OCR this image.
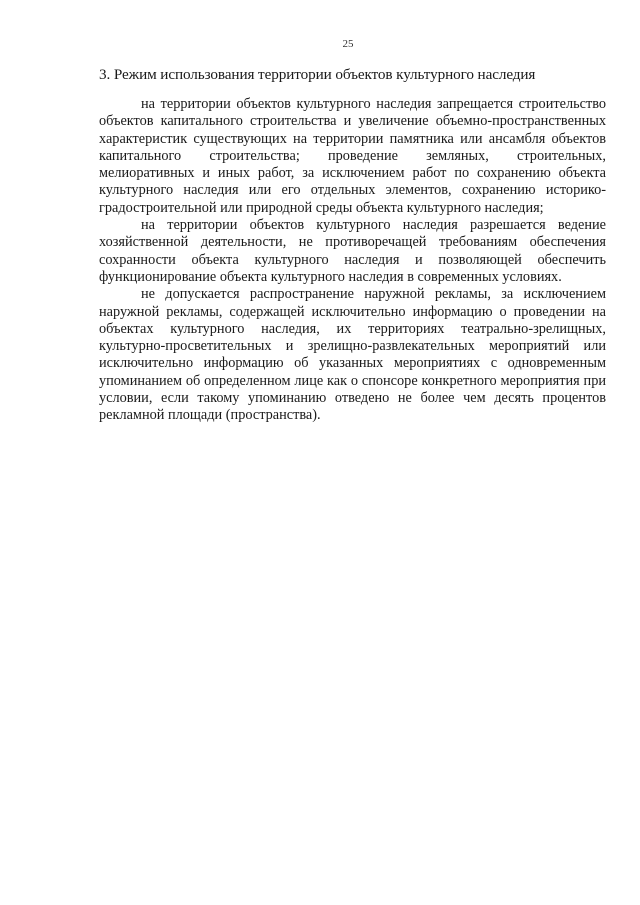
25
3. Режим использования территории объектов культурного наследия

на территории объектов культурного наследия запрещается строительство объектов капитального строительства и увеличение объемно-пространственных характеристик существующих на территории памятника или ансамбля объектов капитального строительства; проведение земляных, строительных, мелиоративных и иных работ, за исключением работ по сохранению объекта культурного наследия или его отдельных элементов, сохранению историко-градостроительной или природной среды объекта культурного наследия;

на территории объектов культурного наследия разрешается ведение хозяйственной деятельности, не противоречащей требованиям обеспечения сохранности объекта культурного наследия и позволяющей обеспечить функционирование объекта культурного наследия в современных условиях.

не допускается распространение наружной рекламы, за исключением наружной рекламы, содержащей исключительно информацию о проведении на объектах культурного наследия, их территориях театрально-зрелищных, культурно-просветительных и зрелищно-развлекательных мероприятий или исключительно информацию об указанных мероприятиях с одновременным упоминанием об определенном лице как о спонсоре конкретного мероприятия при условии, если такому упоминанию отведено не более чем десять процентов рекламной площади (пространства).
